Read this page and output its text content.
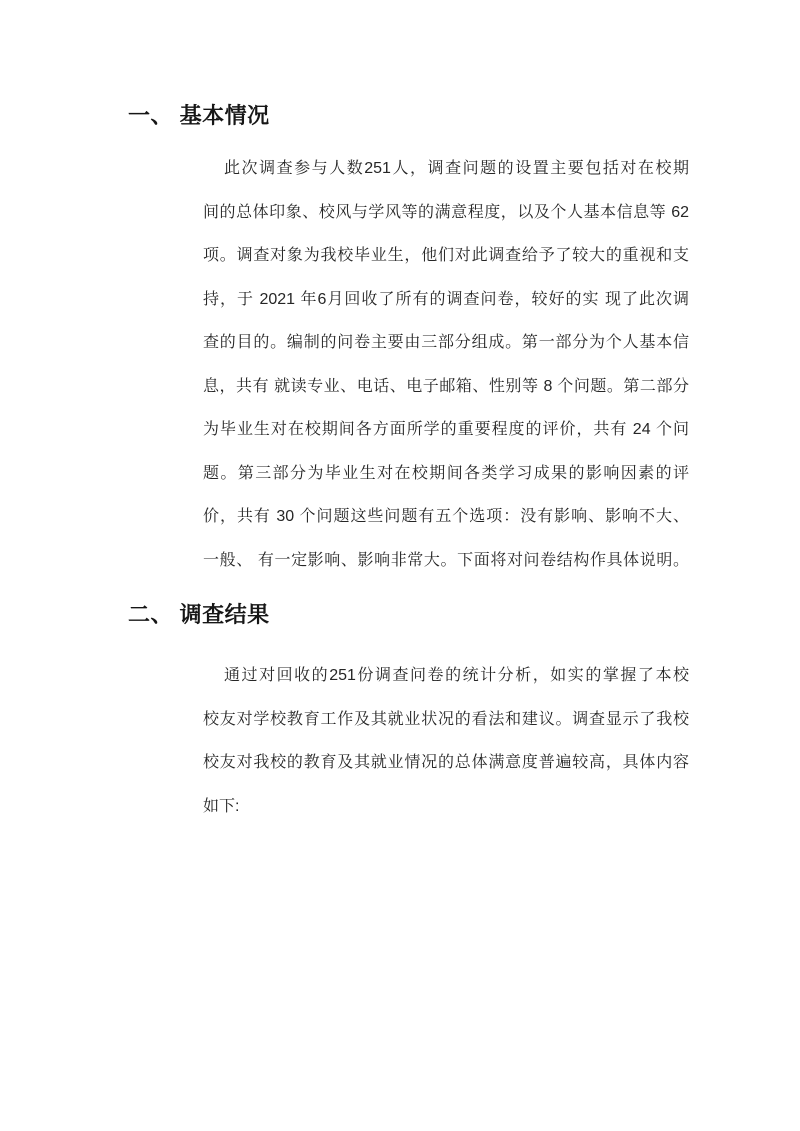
一、 基本情况
此次调查参与人数251人，调查问题的设置主要包括对在校期
间的总体印象、校风与学风等的满意程度，以及个人基本信息等 62
项。调查对象为我校毕业生，他们对此调查给予了较大的重视和支
持，于 2021 年6月回收了所有的调查问卷，较好的实 现了此次调
查的目的。编制的问卷主要由三部分组成。第一部分为个人基本信
息，共有 就读专业、电话、电子邮箱、性别等 8 个问题。第二部分
为毕业生对在校期间各方面所学的重要程度的评价，共有 24 个问
题。第三部分为毕业生对在校期间各类学习成果的影响因素的评
价，共有 30 个问题这些问题有五个选项：没有影响、影响不大、
一般、 有一定影响、影响非常大。下面将对问卷结构作具体说明。
二、 调查结果
通过对回收的251份调查问卷的统计分析，如实的掌握了本校
校友对学校教育工作及其就业状况的看法和建议。调查显示了我校
校友对我校的教育及其就业情况的总体满意度普遍较高，具体内容
如下:
